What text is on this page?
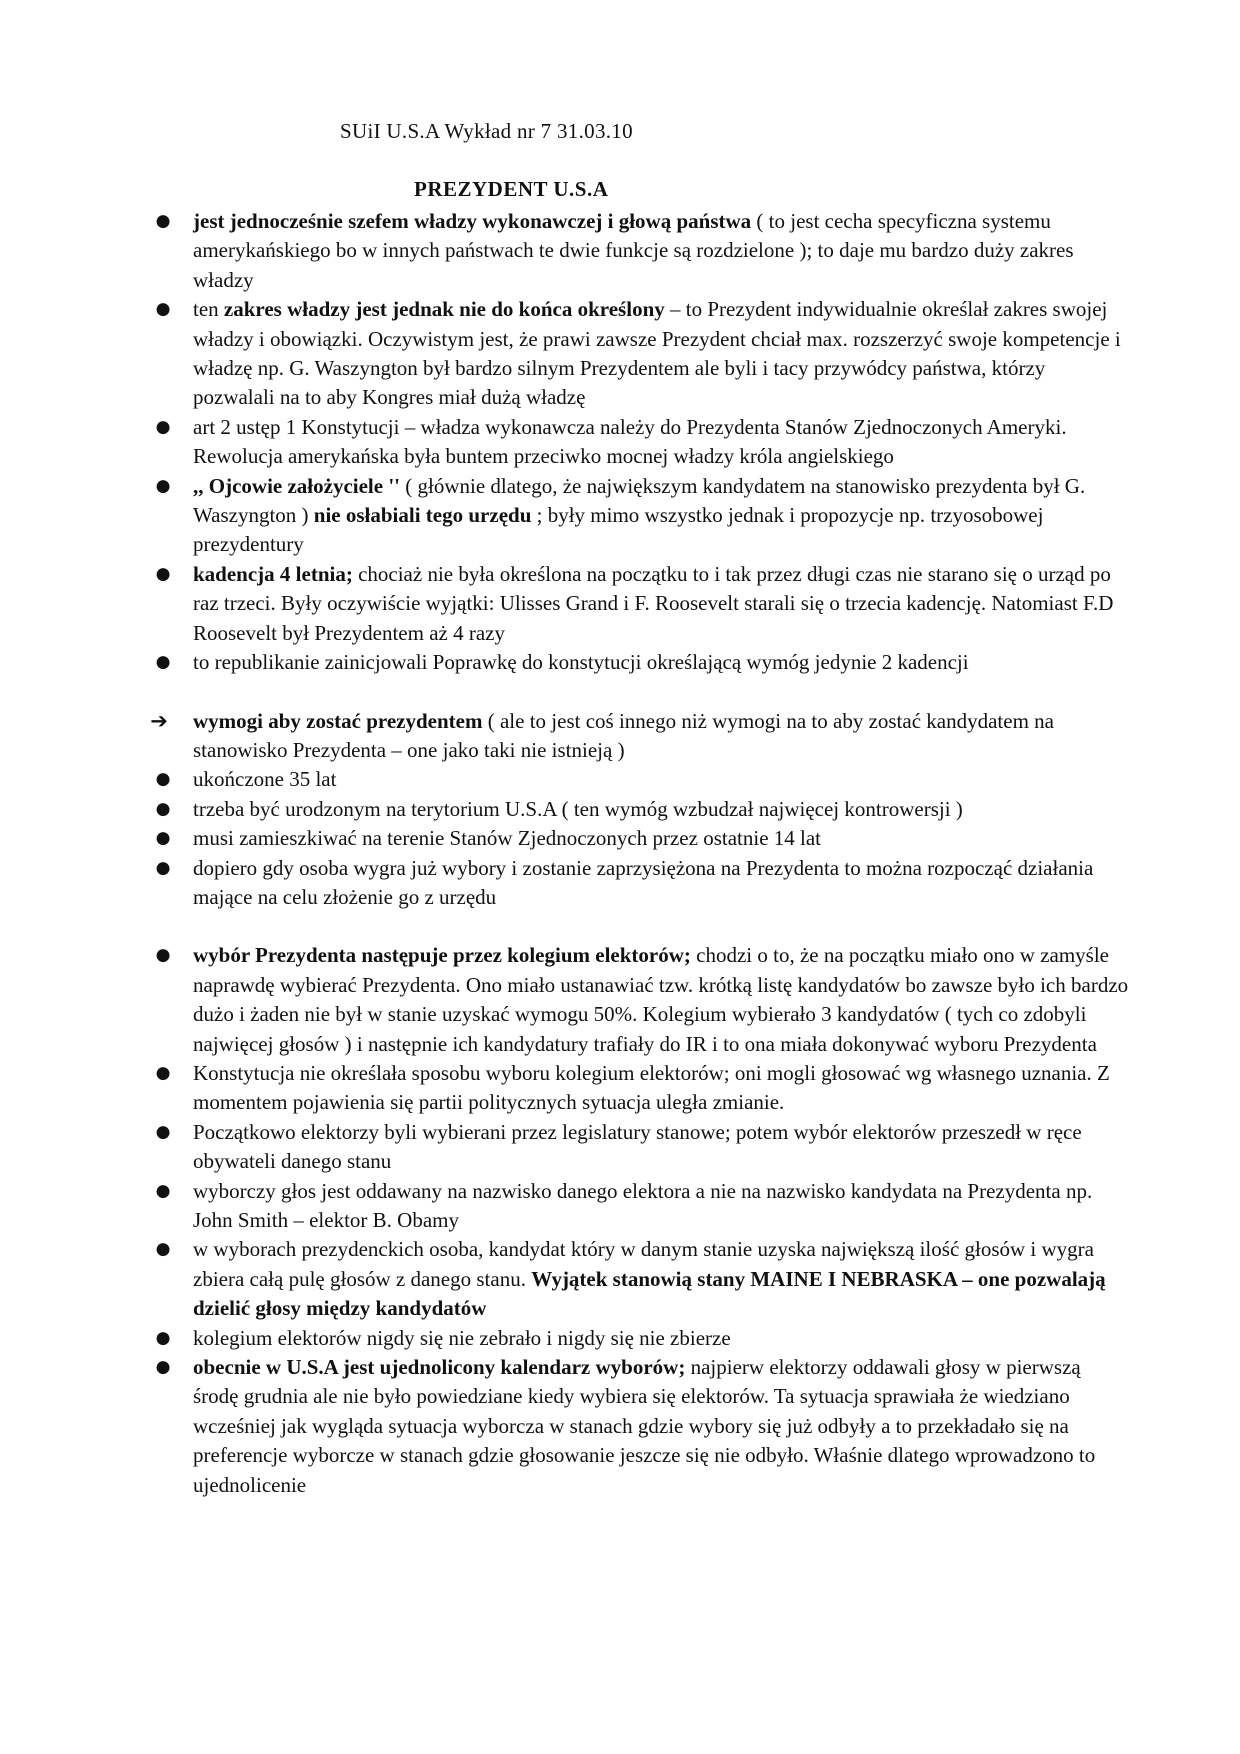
SUiI U.S.A Wykład nr 7 31.03.10
PREZYDENT U.S.A
● jest jednocześnie szefem władzy wykonawczej i głową państwa ( to jest cecha specyficzna systemu amerykańskiego bo w innych państwach te dwie funkcje są rozdzielone ); to daje mu bardzo duży zakres władzy
● ten zakres władzy jest jednak nie do końca określony – to Prezydent indywidualnie określał zakres swojej władzy i obowiązki. Oczywistym jest, że prawi zawsze Prezydent chciał max. rozszerzyć swoje kompetencje i władzę np. G. Waszyngton był bardzo silnym Prezydentem ale byli i tacy przywódcy państwa, którzy pozwalali na to aby Kongres miał dużą władzę
● art 2 ustęp 1 Konstytucji – władza wykonawcza należy do Prezydenta Stanów Zjednoczonych Ameryki. Rewolucja amerykańska była buntem przeciwko mocnej władzy króla angielskiego
● ,, Ojcowie założyciele '' ( głównie dlatego, że największym kandydatem na stanowisko prezydenta był G. Waszyngton ) nie osłabiali tego urzędu ; były mimo wszystko jednak i propozycje np. trzyosobowej prezydentury
● kadencja 4 letnia; chociaż nie była określona na początku to i tak przez długi czas nie starano się o urząd po raz trzeci. Były oczywiście wyjątki: Ulisses Grand i F. Roosevelt starali się o trzecia kadencję. Natomiast F.D Roosevelt był Prezydentem aż 4 razy
● to republikanie zainicjowali Poprawkę do konstytucji określającą wymóg jedynie 2 kadencji
➔ wymogi aby zostać prezydentem ( ale to jest coś innego niż wymogi na to aby zostać kandydatem na stanowisko Prezydenta – one jako taki nie istnieją )
● ukończone 35 lat
● trzeba być urodzonym na terytorium U.S.A ( ten wymóg wzbudzał najwięcej kontrowersji )
● musi zamieszkiwać na terenie Stanów Zjednoczonych przez ostatnie 14 lat
● dopiero gdy osoba wygra już wybory i zostanie zaprzysiężona na Prezydenta to można rozpocząć działania mające na celu złożenie go z urzędu
● wybór Prezydenta następuje przez kolegium elektorów; chodzi o to, że na początku miało ono w zamyśle naprawdę wybierać Prezydenta. Ono miało ustanawiać tzw. krótką listę kandydatów bo zawsze było ich bardzo dużo i żaden nie był w stanie uzyskać wymogu 50%. Kolegium wybierało 3 kandydatów ( tych co zdobyli najwięcej głosów ) i następnie ich kandydatury trafiały do IR i to ona miała dokonywać wyboru Prezydenta
● Konstytucja nie określała sposobu wyboru kolegium elektorów; oni mogli głosować wg własnego uznania. Z momentem pojawienia się partii politycznych sytuacja uległa zmianie.
● Początkowo elektorzy byli wybierani przez legislatury stanowe; potem wybór elektorów przeszedł w ręce obywateli danego stanu
● wyborczy głos jest oddawany na nazwisko danego elektora a nie na nazwisko kandydata na Prezydenta np. John Smith – elektor B. Obamy
● w wyborach prezydenckich osoba, kandydat który w danym stanie uzyska największą ilość głosów i wygra zbiera całą pulę głosów z danego stanu. Wyjątek stanowią stany MAINE I NEBRASKA – one pozwalają dzielić głosy między kandydatów
● kolegium elektorów nigdy się nie zebrało i nigdy się nie zbierze
● obecnie w U.S.A jest ujednolicony kalendarz wyborów; najpierw elektorzy oddawali głosy w pierwszą środę grudnia ale nie było powiedziane kiedy wybiera się elektorów. Ta sytuacja sprawiała że wiedziano wcześniej jak wygląda sytuacja wyborcza w stanach gdzie wybory się już odbyły a to przekładało się na preferencje wyborcze w stanach gdzie głosowanie jeszcze się nie odbyło. Właśnie dlatego wprowadzono to ujednolicenie
